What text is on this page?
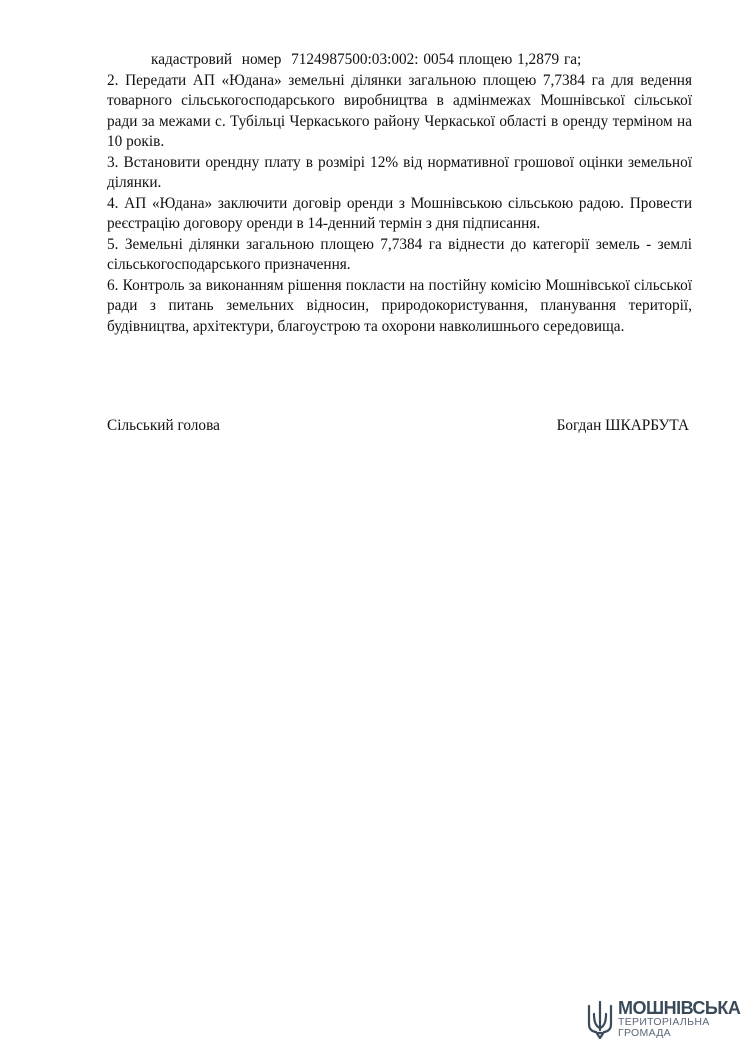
кадастровий  номер  7124987500:03:002: 0054 площею 1,2879 га;

2. Передати АП «Юдана» земельні ділянки загальною площею 7,7384 га для ведення товарного сільськогосподарського виробництва в адмінмежах Мошнівської сільської ради за межами с. Тубільці Черкаського району Черкаської області в оренду терміном на 10 років.

3. Встановити орендну плату в розмірі 12% від нормативної грошової оцінки земельної ділянки.

4. АП «Юдана» заключити договір оренди з Мошнівською сільською радою. Провести реєстрацію договору оренди в 14-денний термін з дня підписання.

5. Земельні ділянки загальною площею 7,7384 га віднести до категорії земель - землі сільськогосподарського призначення.

6. Контроль за виконанням рішення покласти на постійну комісію Мошнівської сільської ради з питань земельних відносин, природокористування, планування території, будівництва, архітектури, благоустрою та охорони навколишнього середовища.

Сільський голова	Богдан ШКАРБУТА
МОШНІВСЬКА
ТЕРИТОРІАЛЬНА
ГРОМАДА
